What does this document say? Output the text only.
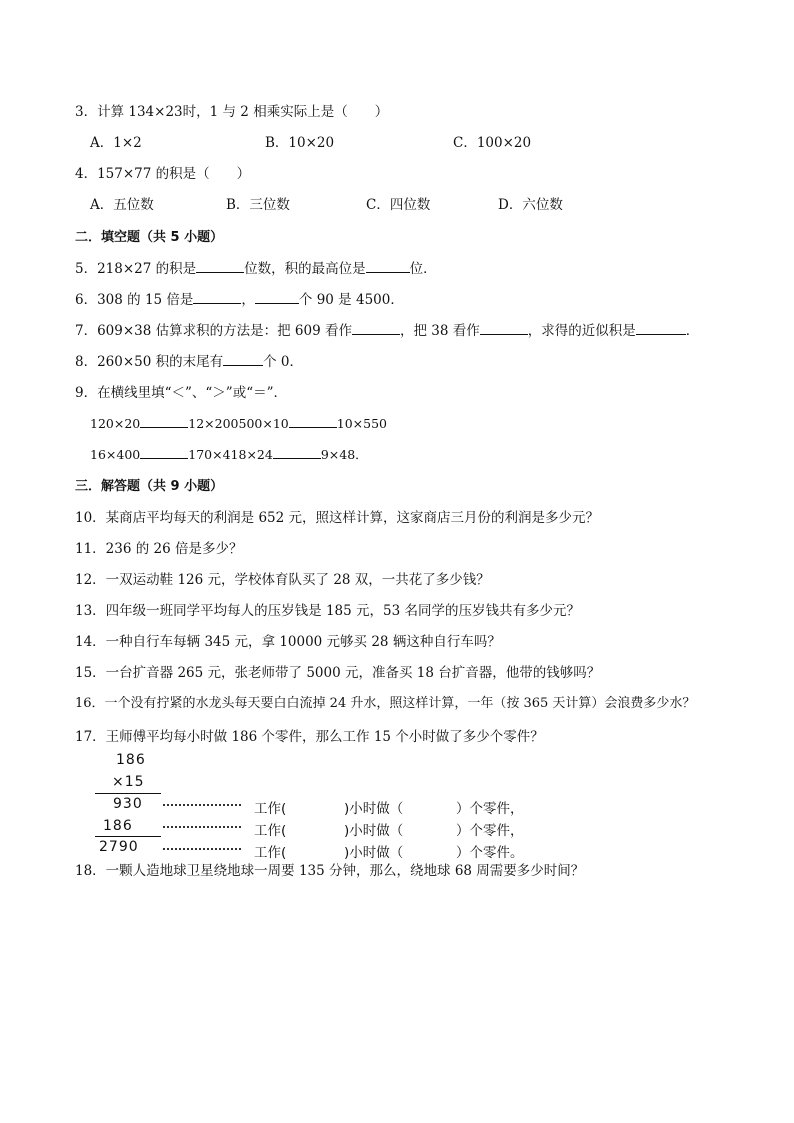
3．计算 134×23时，1 与 2 相乘实际上是（　　）
A．1×2	B．10×20	C．100×20
4．157×77 的积是（　　）
A．五位数	B．三位数	C．四位数	D．六位数
二．填空题（共 5 小题）
5．218×27 的积是	位数，积的最高位是	位．
6．308 的 15 倍是	，	个 90 是 4500．
7．609×38 估算求积的方法是：把 609 看作	，把 38 看作	，求得的近似积是	．
8．260×50 积的末尾有	个 0．
9．在横线里填“＜”、“＞”或“＝”．
120×20	12×200500×10	10×550
16×400	170×418×24	9×48．
三．解答题（共 9 小题）
10．某商店平均每天的利润是 652 元，照这样计算，这家商店三月份的利润是多少元？
11．236 的 26 倍是多少？
12．一双运动鞋 126 元，学校体育队买了 28 双，一共花了多少钱？
13．四年级一班同学平均每人的压岁钱是 185 元，53 名同学的压岁钱共有多少元？
14．一种自行车每辆 345 元，拿 10000 元够买 28 辆这种自行车吗？
15．一台扩音器 265 元，张老师带了 5000 元，准备买 18 台扩音器，他带的钱够吗？
16．一个没有拧紧的水龙头每天要白白流掉 24 升水，照这样计算，一年（按 365 天计算）会浪费多少水？
17．王师傅平均每小时做 186 个零件，那么工作 15 个小时做了多少个零件？
186
×15
930
186
2790
工作(	)小时做（	）个零件，
工作(	)小时做（	）个零件，
工作(	)小时做（	）个零件。
18．一颗人造地球卫星绕地球一周要 135 分钟，那么，绕地球 68 周需要多少时间？
